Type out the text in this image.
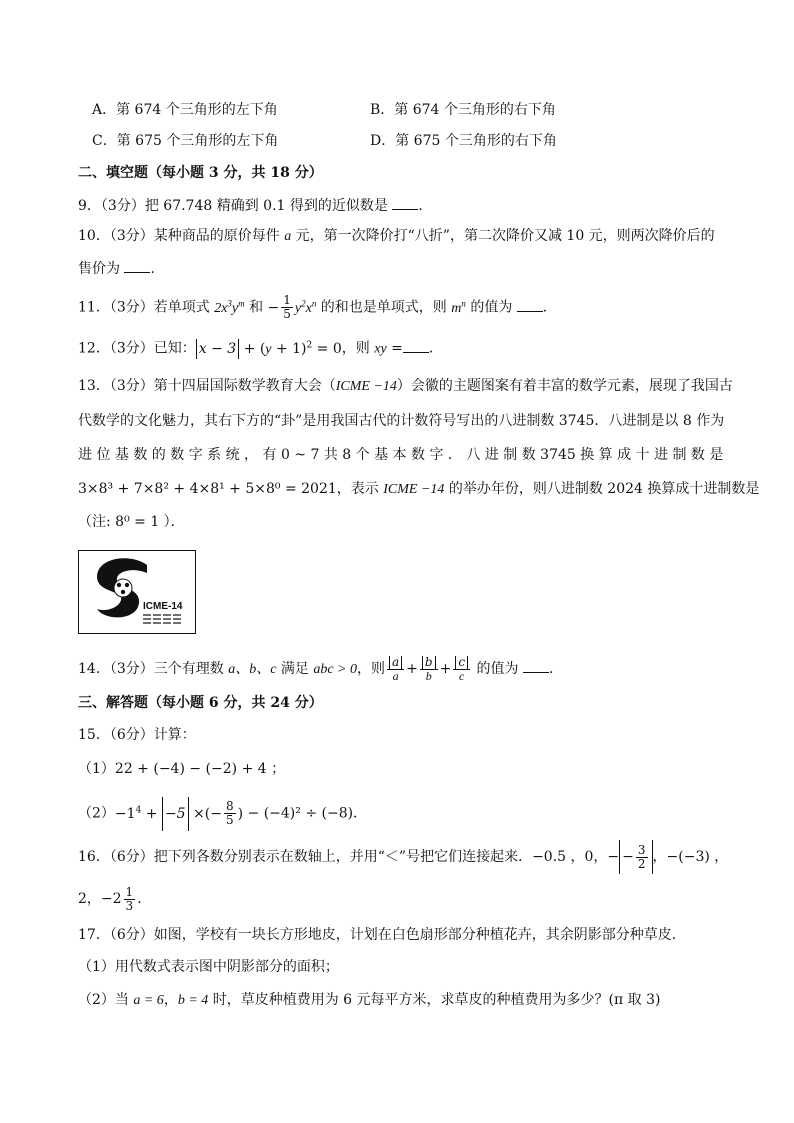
A．第 674 个三角形的左下角	B．第 674 个三角形的右下角
C．第 675 个三角形的左下角	D．第 675 个三角形的右下角
二、填空题（每小题 3 分，共 18 分）
9．（3分）把 67.748 精确到 0.1 得到的近似数是 ．
10．（3分）某种商品的原价每件 a 元，第一次降价打“八折”，第二次降价又减 10 元，则两次降价后的
售价为 ．
11．（3分）若单项式 $2x^3y^m$ 和 − $\frac{1}{5} y^2x^n$ 的和也是单项式，则 $m^n$ 的值为 ．
12．（3分）已知： $x - 3 + (y + 1)^2 = 0$，则 xy = ．
13．（3分）第十四届国际数学教育大会（ICME −14）会徽的主题图案有着丰富的数学元素，展现了我国古
代数学的文化魅力，其右下方的“卦”是用我国古代的计数符号写出的八进制数 3745．八进制是以 8 作为
进 位 基 数 的 数 字 系 统 ， 有 0 ~ 7 共 8 个 基 本 数 字 ． 八 进 制 数 3745 换 算 成 十 进 制 数 是
3×8³ + 7×8² + 4×8¹ + 5×8⁰ = 2021，表示 ICME −14 的举办年份，则八进制数 2024 换算成十进制数是
（注: 8⁰ = 1 ）．
ICME-14
14．（3分）三个有理数 a、b、c 满足 abc > 0，则 $\frac{a}{a} + \frac{b}{b} + \frac{c}{c}$ 的值为 ．
三、解答题（每小题 6 分，共 24 分）
15．（6分）计算：
（1）22 + (−4) − (−2) + 4 ；
$(2)-1^4 + -5$ ×(− $\frac{8}{5}$ ) − (−4)² ÷ (−8)．
16．（6分）把下列各数分别表示在数轴上，并用“＜”号把它们连接起来．−0.5 ，0，− − $\frac{3}{2}$ ，−(−3) ，
2，$-2 \frac{1}{3}$ ．
17．（6分）如图，学校有一块长方形地皮，计划在白色扇形部分种植花卉，其余阴影部分种草皮．
（1）用代数式表示图中阴影部分的面积；
（2）当 a = 6，b = 4 时，草皮种植费用为 6 元每平方米，求草皮的种植费用为多少？(π 取 3)
